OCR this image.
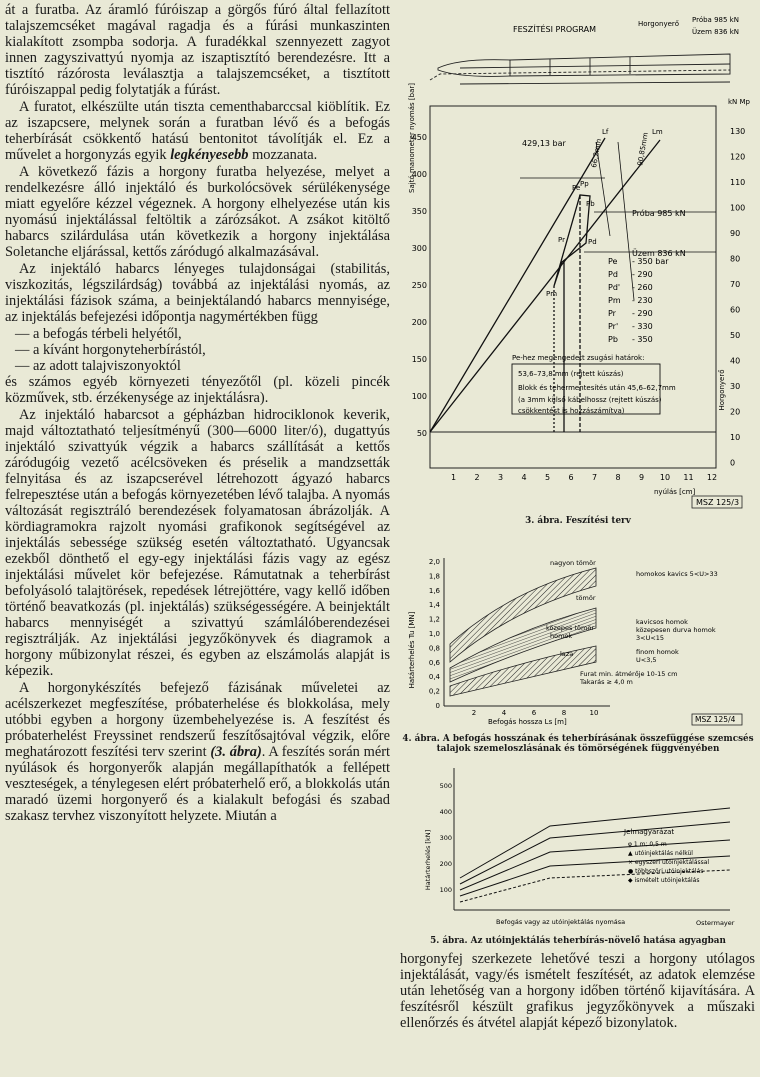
át a furatba. Az áramló fúróiszap a görgős fúró által fellazított talajszemcséket magával ragadja és a fúrási munkaszinten kialakított zsompba sodorja. A furadékkal szennyezett zagyot innen zagyszivattyú nyomja az iszaptisztító berendezésre. Itt a tisztító rázórosta leválasztja a talajszemcséket, a tisztított fúróiszappal pedig folytatják a fúrást.

A furatot, elkészülte után tiszta cementhabarccsal kiöblítik. Ez az iszapcsere, melynek során a furatban lévő és a befogás teherbírását csökkentő hatású bentonitot távolítják el. Ez a művelet a horgonyzás egyik legkényesebb mozzanata.

A következő fázis a horgony furatba helyezése, melyet a rendelkezésre álló injektáló és burkolócsövek sérülékenysége miatt egyelőre kézzel végeznek. A horgony elhelyezése után kis nyomású injektálással feltöltik a zárózsákot. A zsákot kitöltő habarcs szilárdulása után következik a horgony injektálása Soletanche eljárással, kettős záródugó alkalmazásával.

Az injektáló habarcs lényeges tulajdonságai (stabilitás, viszkozitás, légszilárdság) továbbá az injektálási nyomás, az injektálási fázisok száma, a beinjektálandó habarcs mennyisége, az injektálás befejezési időpontja nagymértékben függ

— a befogás térbeli helyétől,

— a kívánt horgonyteherbírástól,

— az adott talajviszonyoktól

és számos egyéb környezeti tényezőtől (pl. közeli pincék közművek, stb. érzékenysége az injektálásra).

Az injektáló habarcsot a gépházban hidrociklonok keverik, majd változtatható teljesítményű (300—6000 liter/ó), dugattyús injektáló szivattyúk végzik a habarcs szállítását a kettős záródugóig vezető acélcsöveken és préselik a mandzsetták felnyitása és az iszapcserével létrehozott ágyazó habarcs felrepesztése után a befogás környezetében lévő talajba. A nyomás változását regisztráló berendezések folyamatosan ábrázolják. A kördiagramokra rajzolt nyomási grafikonok segítségével az injektálás sebessége szükség esetén változtatható. Ugyancsak ezekből dönthető el egy-egy injektálási fázis vagy az egész injektálási művelet kör befejezése. Rámutatnak a teherbírást befolyásoló talajtörések, repedések létrejöttére, vagy kellő időben történő beavatkozás (pl. injektálás) szükségességére. A beinjektált habarcs mennyiségét a szivattyú számlálóberendezései regisztrálják. Az injektálási jegyzőkönyvek és diagramok a horgony műbizonylat részei, és egyben az elszámolás alapját is képezik.

A horgonykészítés befejező fázisának műveletei az acélszerkezet megfeszítése, próbaterhelése és blokkolása, mely utóbbi egyben a horgony üzembehelyezése is. A feszítést és próbaterhelést Freyssinet rendszerű feszítősajtóval végzik, előre meghatározott feszítési terv szerint (3. ábra). A feszítés során mért nyúlások és horgonyerők alapján megállapíthatók a fellépett veszteségek, a ténylegesen elért próbaterhelő erő, a blokkolás után maradó üzemi horgonyerő és a kialakult befogási és szabad szakasz tervhez viszonyított helyzete. Miután a

FESZÍTÉSI PROGRAM
Horgonyerő Próba 985 kN
Üzem 836 kN
Sajtó manometer nyomás [bar]
450
400
350
300
250
200
150
100
50
130
120
110
100
90
80
70
60
50
40
30
20
10
0
kN Mp
Horgonyerő
1 2 3 4 5 6 7 8 9 10 11 12
nyúlás [cm]
429,13 bar
Lf	Lm
90,85mm
66,2mm
Pe Pp
Pb
Pr	Pd
Pm
Próba 985 kN
Üzem 836 kN
Pe - 350 bar
Pd - 290
Pd' - 260
Pm - 230
Pr - 290
Pr' - 330
Pb - 350
Pe-hez megengedett zsugási határok:
53,6–73,8 mm (rejtett kúszás)
Blokk és tehermentesítés után 45,6–62,7mm
(a 3mm külső kábelhossz (rejtett kúszás)
csökkentést is hozzászámítva)
MSZ 125/3
3. ábra. Feszítési terv
Határterhelés Tu [MN]
2,0
1,8
1,6
1,4
1,2
1,0
0,8
0,6
0,4
0,2
0
2	4	6	8	10
Befogás hossza Ls [m]
nagyon tömör
homokos kavics 5<U>33
tömör
közepes tömör
homok
kavicsos homok
közepesen durva homok
3<U<15
laza	finom homok
U<3,5
Furat min. átmérője 10-15 cm
Takarás ≥ 4,0 m
MSZ 125/4
4. ábra. A befogás hosszának és teherbírásának összefüggése szemcsés talajok szemeloszlásának és tömörségének függvényében
Határterhelés [kN]
500
400
300
200
100
Befogás vagy az utóinjektálás nyomása
Jelmagyarázat
φ 1 m; 0,5 m
▲ utóinjektálás nélkül
× egyszeri utóinjektálással
● többszöri utóinjektálás
◆ ismételt utóinjektálás
Ostermayer
5. ábra. Az utóinjektálás teherbírás-növelő hatása agyagban

horgonyfej szerkezete lehetővé teszi a horgony utólagos injektálását, vagy/és ismételt feszítését, az adatok elemzése után lehetőség van a horgony időben történő kijavítására. A feszítésről készült grafikus jegyzőkönyvek a műszaki ellenőrzés és átvétel alapját képező bizonylatok.
